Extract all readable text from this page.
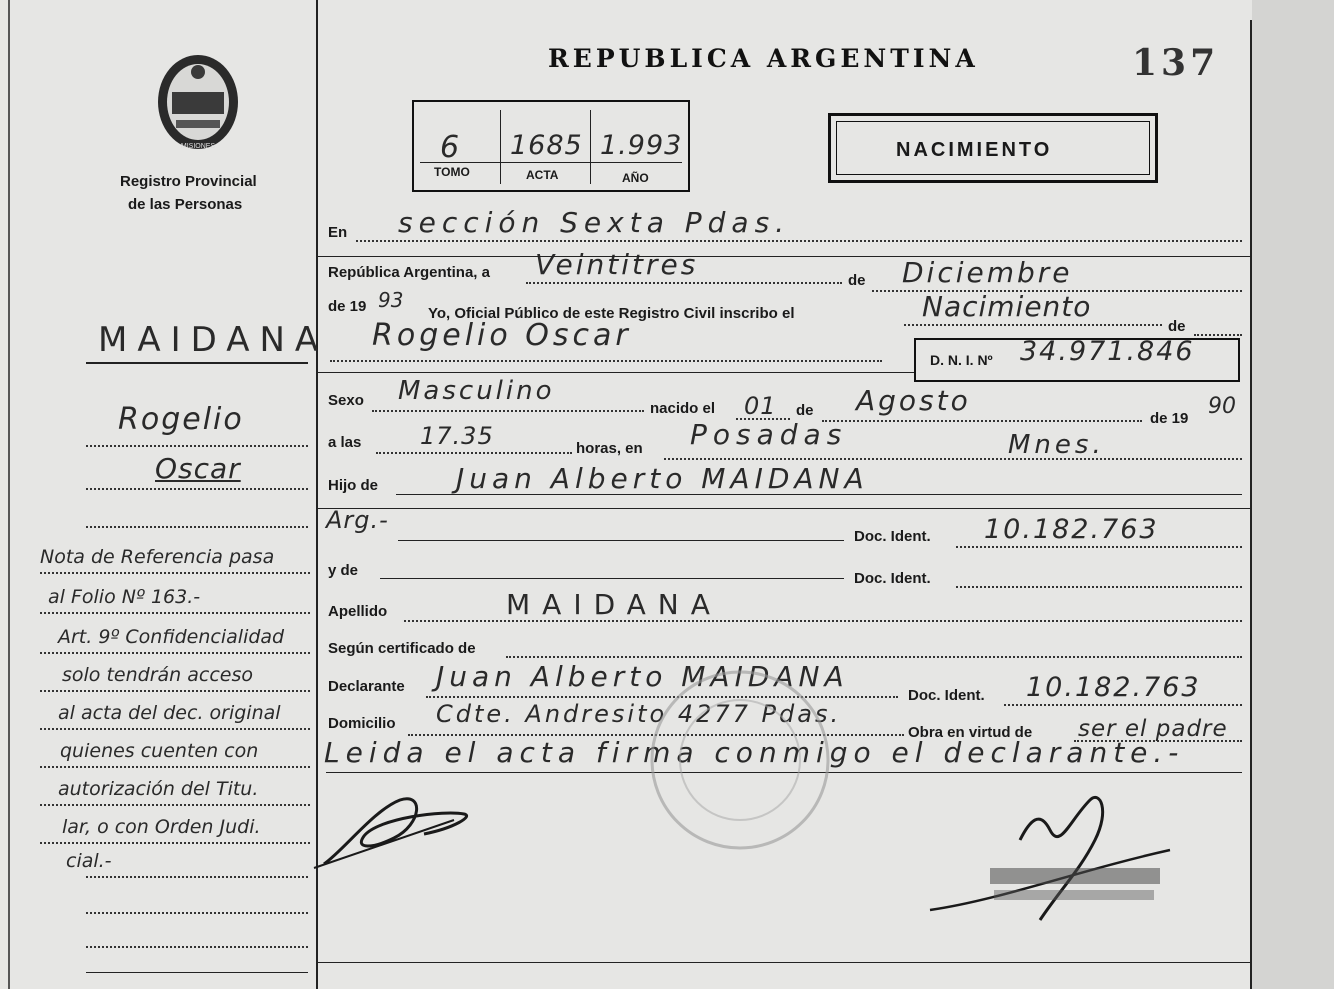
MISIONES
Registro Provincial
de las Personas
REPUBLICA ARGENTINA	137
6
TOMO
1685
ACTA
1.993
AÑO
NACIMIENTO
MAIDANA
Rogelio
Oscar
Nota de Referencia pasa
al Folio Nº 163.-
Art. 9º Confidencialidad
solo tendrán acceso
al acta del dec. original
quienes cuenten con
autorización del Titu.
lar, o con Orden Judi.
cial.-
En sección Sexta Pdas.
República Argentina, a Veintitres	de Diciembre
de 19 93
Yo, Oficial Público de este Registro Civil inscribo el	Nacimiento
de
Rogelio Oscar
D. N. I. Nº 34.971.846
Sexo Masculino
nacido el 01 de Agosto
de 19 90
a las 17.35	horas, en Posadas	Mnes.
Hijo de	Juan Alberto MAIDANA
Arg.-
Doc. Ident. 10.182.763
y de	Doc. Ident.
Apellido	MAIDANA
Según certificado de
Declarante Juan Alberto MAIDANA
Doc. Ident. 10.182.763
Domicilio Cdte. Andresito 4277 Pdas.
Obra en virtud de ser el padre
Leida el acta firma conmigo el declarante.-
